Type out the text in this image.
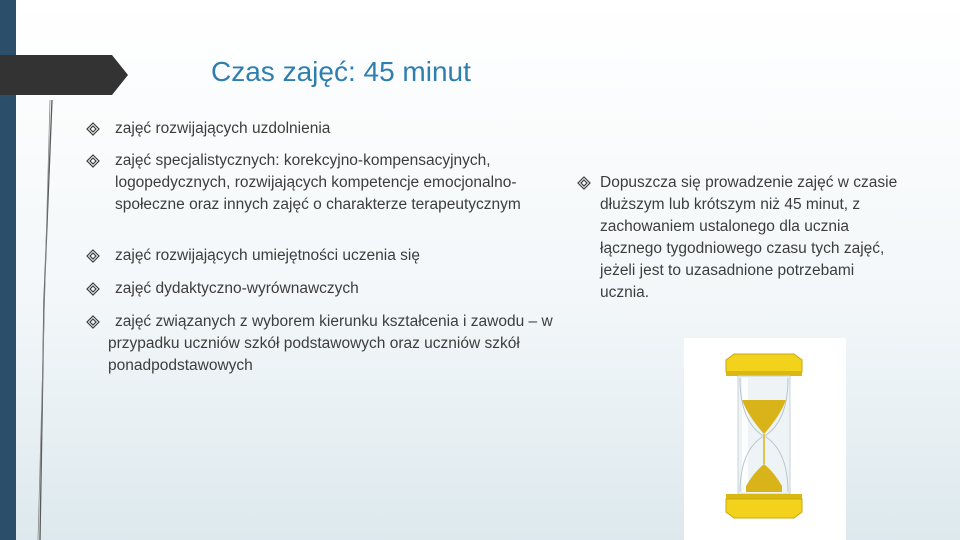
Czas zajęć: 45 minut
zajęć rozwijających uzdolnienia
zajęć specjalistycznych: korekcyjno-kompensacyjnych, logopedycznych, rozwijających kompetencje emocjonalno-społeczne oraz innych zajęć o charakterze terapeutycznym
zajęć rozwijających umiejętności uczenia się
zajęć dydaktyczno-wyrównawczych
zajęć związanych z wyborem kierunku kształcenia i zawodu – w przypadku uczniów szkół podstawowych oraz uczniów szkół ponadpodstawowych
Dopuszcza się prowadzenie zajęć w czasie dłuższym lub krótszym niż 45 minut, z zachowaniem ustalonego dla ucznia łącznego tygodniowego czasu tych zajęć, jeżeli jest to uzasadnione potrzebami ucznia.
